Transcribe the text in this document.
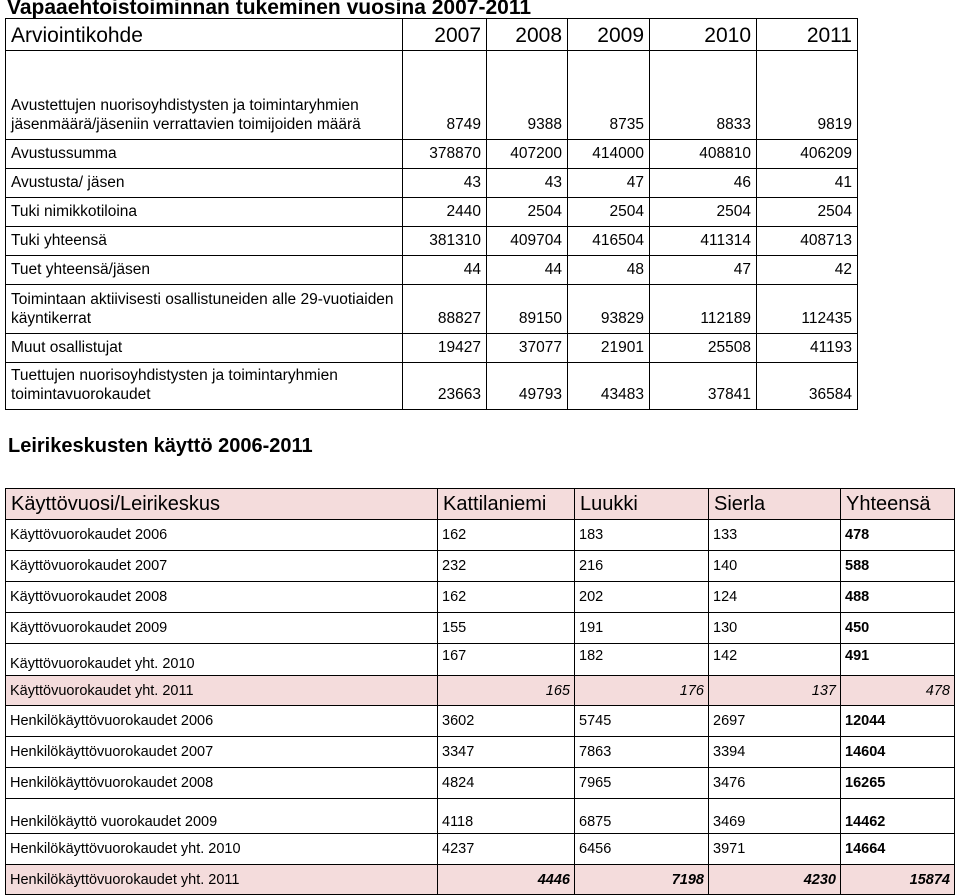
Vapaaehtoistoiminnan tukeminen vuosina 2007-2011
Arviointikohde	2007	2008	2009	2010	2011
Avustettujen nuorisoyhdistysten ja toimintaryhmien jäsenmäärä/jäseniin verrattavien toimijoiden määrä	8749	9388	8735	8833	9819
Avustussumma	378870	407200	414000	408810	406209
Avustusta/ jäsen	43	43	47	46	41
Tuki nimikkotiloina	2440	2504	2504	2504	2504
Tuki yhteensä	381310	409704	416504	411314	408713
Tuet yhteensä/jäsen	44	44	48	47	42
Toimintaan aktiivisesti osallistuneiden alle 29-vuotiaiden käyntikerrat	88827	89150	93829	112189	112435
Muut osallistujat	19427	37077	21901	25508	41193
Tuettujen nuorisoyhdistysten ja toimintaryhmien toimintavuorokaudet	23663	49793	43483	37841	36584
Leirikeskusten käyttö 2006-2011
Käyttövuosi/Leirikeskus	Kattilaniemi	Luukki	Sierla	Yhteensä
Käyttövuorokaudet 2006	162	183	133	478
Käyttövuorokaudet 2007	232	216	140	588
Käyttövuorokaudet 2008	162	202	124	488
Käyttövuorokaudet 2009	155	191	130	450
Käyttövuorokaudet yht. 2010	167	182	142	491
Käyttövuorokaudet yht. 2011	165	176	137	478
Henkilökäyttövuorokaudet 2006	3602	5745	2697	12044
Henkilökäyttövuorokaudet 2007	3347	7863	3394	14604
Henkilökäyttövuorokaudet 2008	4824	7965	3476	16265
Henkilökäyttö vuorokaudet 2009	4118	6875	3469	14462
Henkilökäyttövuorokaudet yht. 2010	4237	6456	3971	14664
Henkilökäyttövuorokaudet yht. 2011	4446	7198	4230	15874
